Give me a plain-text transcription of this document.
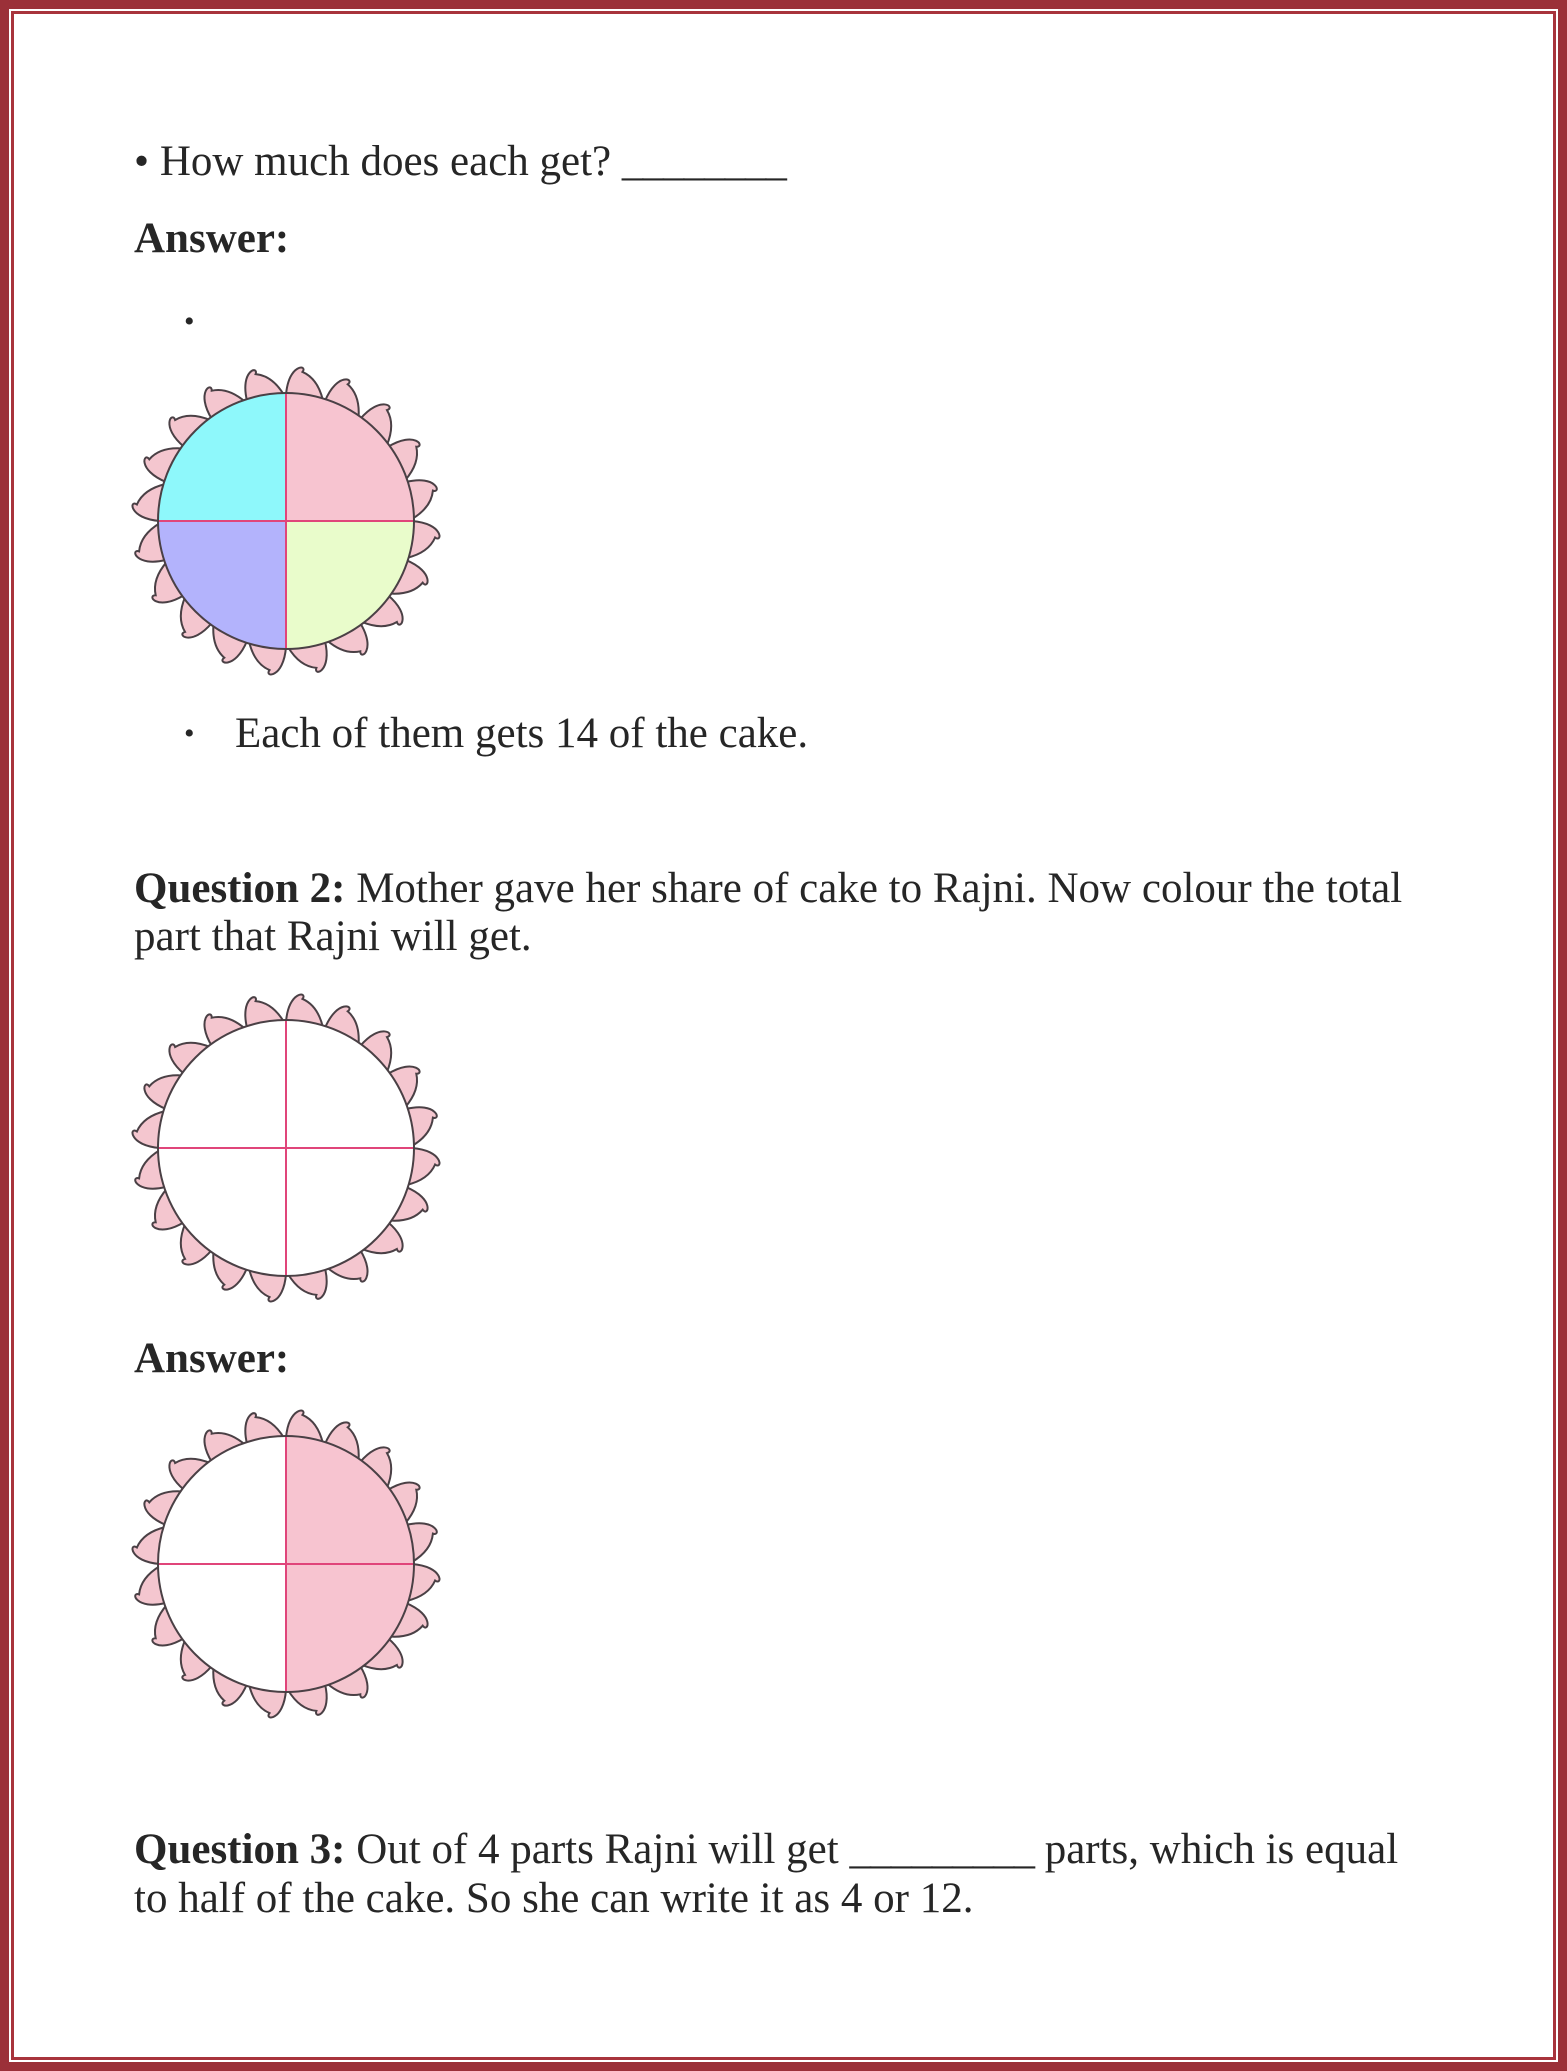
• How much does each get? ________
Answer:
•
• Each of them gets 14 of the cake.
Question 2: Mother gave her share of cake to Rajni. Now colour the total
part that Rajni will get.
Answer:
Question 3: Out of 4 parts Rajni will get _________ parts, which is equal
to half of the cake. So she can write it as 4 or 12.
